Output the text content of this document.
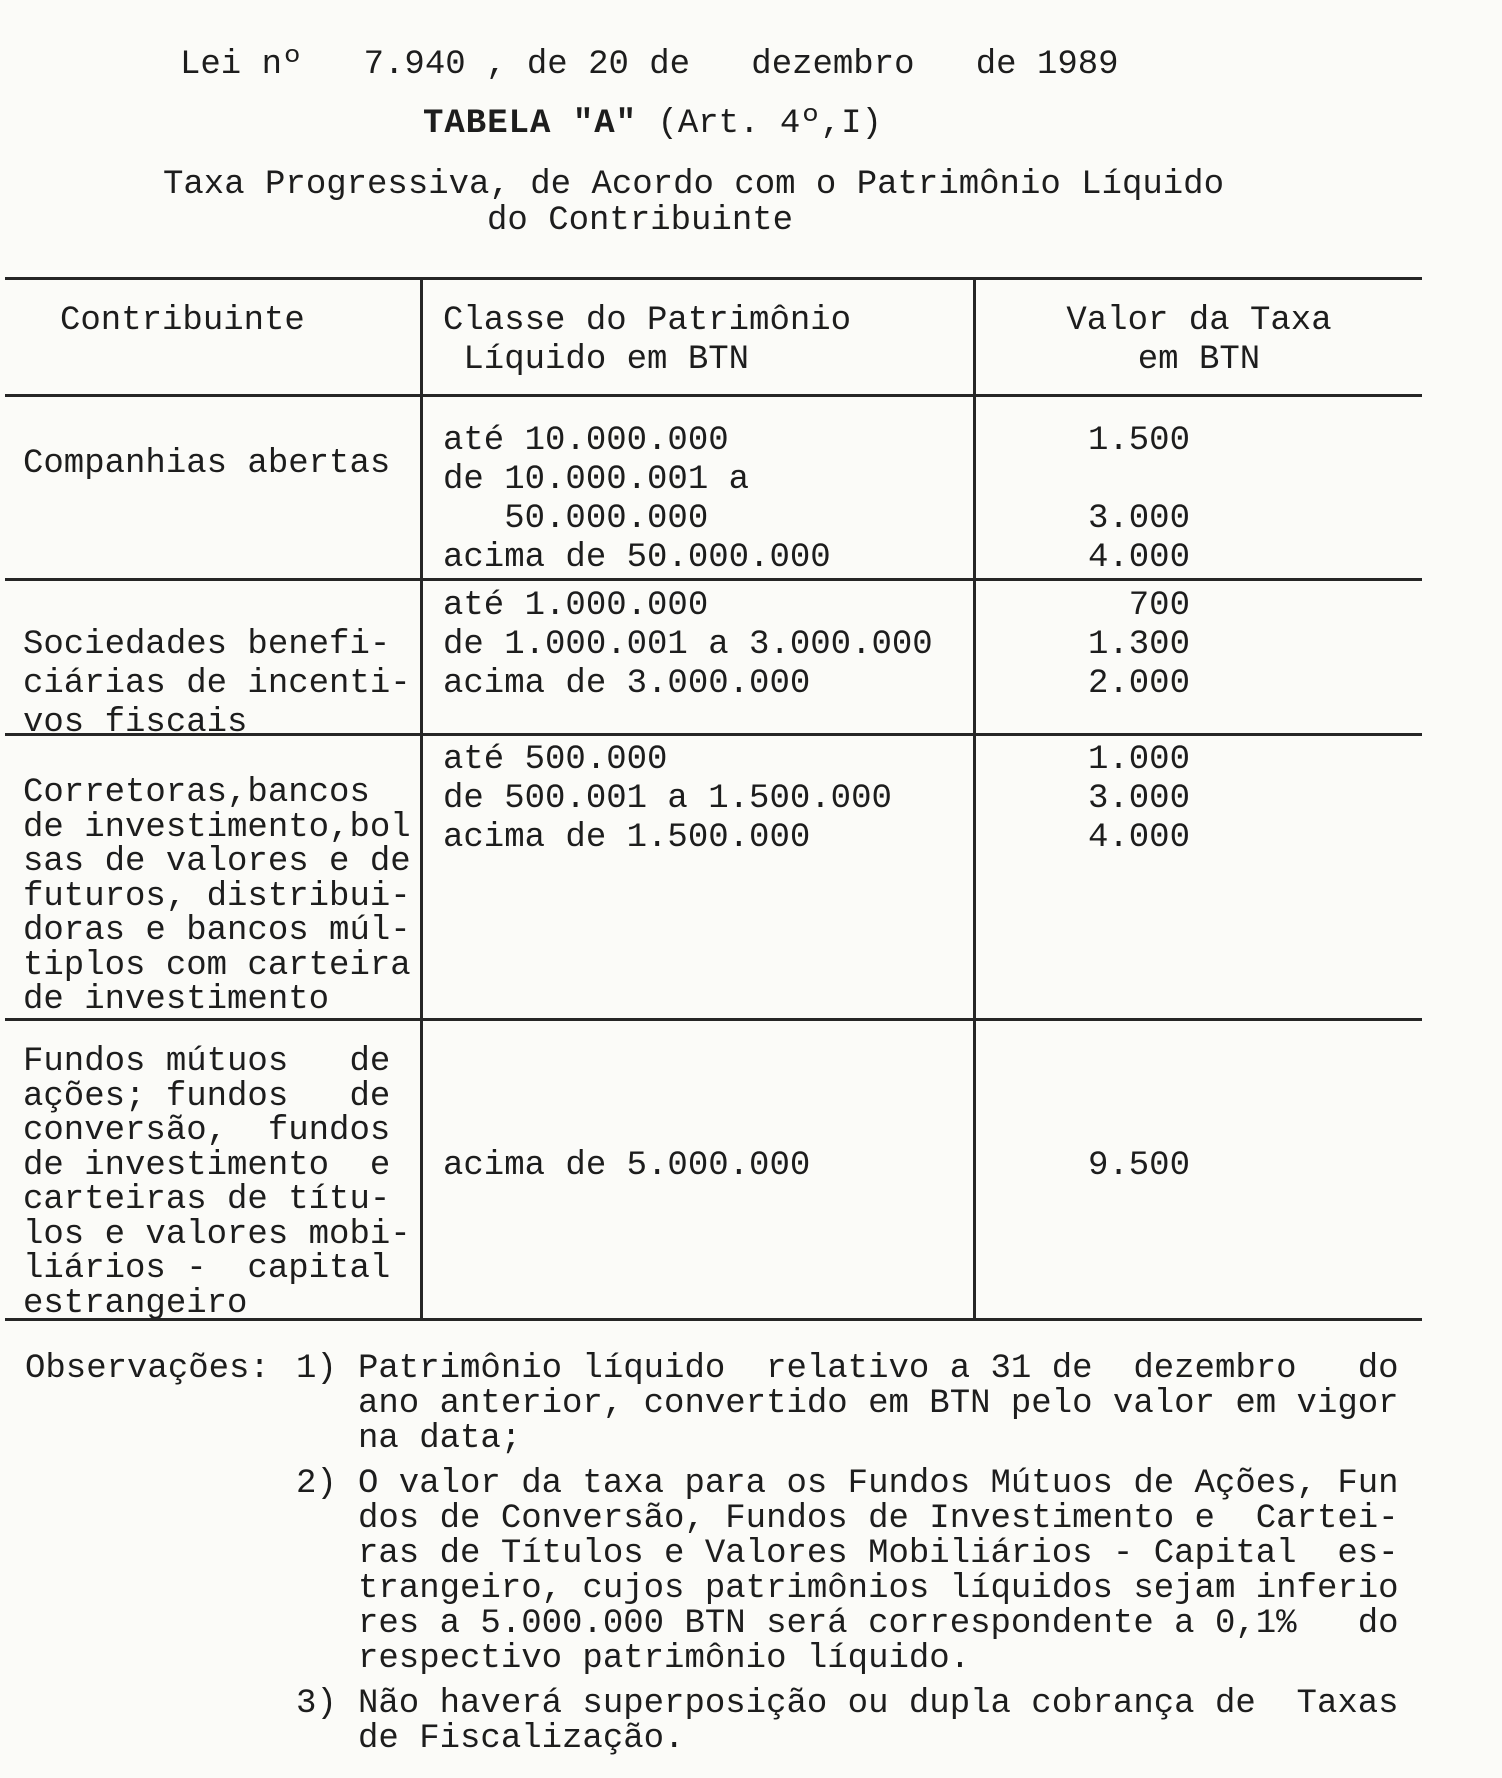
Lei nº   7.940 , de 20 de   dezembro   de 1989
TABELA "A" (Art. 4º,I)
Taxa Progressiva, de Acordo com o Patrimônio Líquido
do Contribuinte
Contribuinte	Classe do Patrimônio
Líquido em BTN
Valor da Taxa
em BTN
Companhias abertas
até 10.000.000
de 10.000.001 a
50.000.000
acima de 50.000.000
1.500
3.000
4.000
Sociedades benefi-
ciárias de incenti-
vos fiscais
até 1.000.000
de 1.000.001 a 3.000.000
acima de 3.000.000
700
1.300
2.000
Corretoras,bancos
de investimento,bol
sas de valores e de
futuros, distribui-
doras e bancos múl-
tiplos com carteira
de investimento
até 500.000
de 500.001 a 1.500.000
acima de 1.500.000
1.000
3.000
4.000
Fundos mútuos   de
ações; fundos   de
conversão,  fundos
de investimento  e
carteiras de títu-
los e valores mobi-
liários -  capital
estrangeiro
acima de 5.000.000	9.500
Observações: 1) Patrimônio líquido  relativo a 31 de  dezembro   do
ano anterior, convertido em BTN pelo valor em vigor
na data;
2) O valor da taxa para os Fundos Mútuos de Ações, Fun
dos de Conversão, Fundos de Investimento e  Cartei-
ras de Títulos e Valores Mobiliários - Capital  es-
trangeiro, cujos patrimônios líquidos sejam inferio
res a 5.000.000 BTN será correspondente a 0,1%   do
respectivo patrimônio líquido.
3) Não haverá superposição ou dupla cobrança de  Taxas
de Fiscalização.
